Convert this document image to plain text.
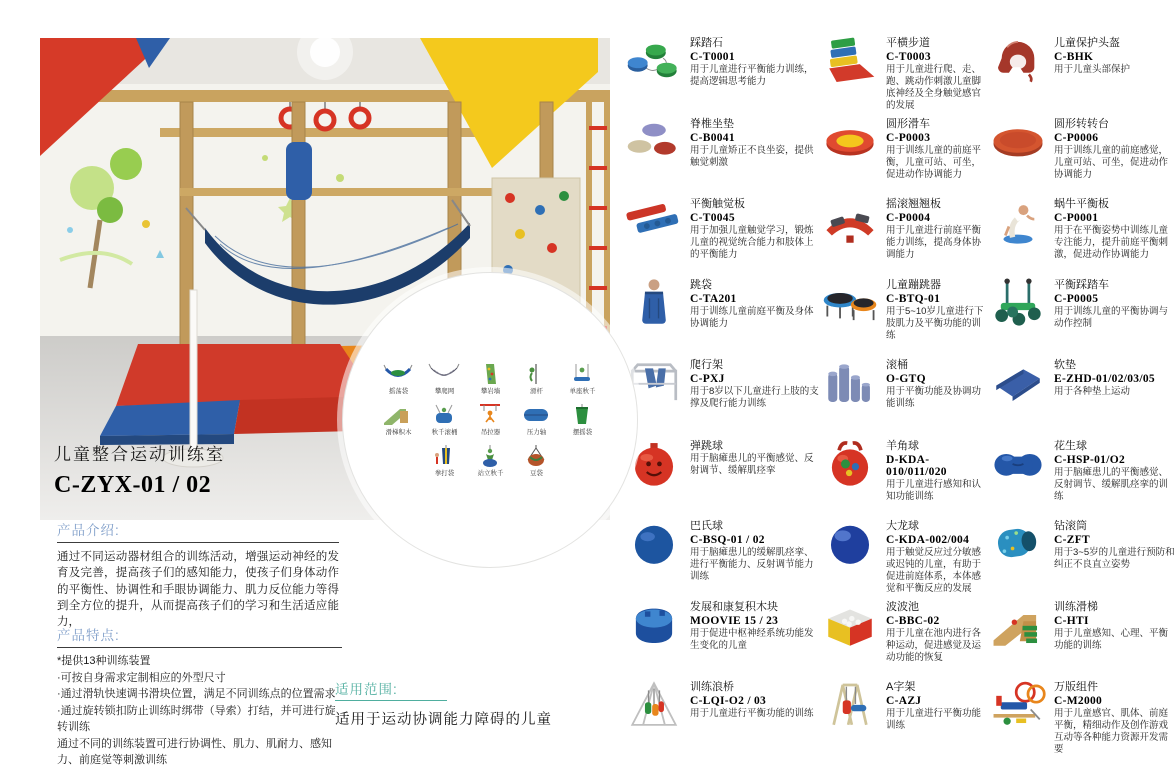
摇荡袋	攀爬网	攀岩墙	滑杆	单座秋千
滑梯积木	秋千滚桶	吊拉器	压力轴	摆摇袋
拳打袋	站立秋千	豆袋
儿童整合运动训练室
C-ZYX-01 / 02
产品介绍:

通过不同运动器材组合的训练活动，增强运动神经的发育及完善，提高孩子们的感知能力，使孩子们身体动作的平衡性、协调性和手眼协调能力、肌力反位能力等得到全方位的提升，从而提高孩子们的学习和生活适应能力，

产品特点:
*提供13种训练装置
·可按自身需求定制相应的外型尺寸
·通过滑轨快速调书滑块位置，满足不同训练点的位置需求
·通过旋转锁扣防止训练时绑带（导索）打结，并可进行旋转训练
通过不同的训练装置可进行协调性、肌力、肌耐力、感知力、前庭觉等刺激训练
适用范围:
适用于运动协调能力障碍的儿童
踩踏石
C-T0001
用于儿童进行平衡能力训练，提高逻辑思考能力
平横步道
C-T0003
用于儿童进行爬、走、跑、跳动作刺激儿童脚底神经及全身触觉感官的发展
儿童保护头盔
C-BHK
用于儿童头部保护
脊椎坐垫
C-B0041
用于儿童矫正不良坐姿，提供触觉刺激
圆形滑车
C-P0003
用于训练儿童的前庭平衡，儿童可站、可坐，促进动作协调能力
圆形转转台
C-P0006
用于训练儿童的前庭感觉，儿童可站、可坐，促进动作协调能力
平衡触觉板
C-T0045
用于加强儿童触觉学习，锻炼儿童的视觉统合能力和肢体上的平衡能力
摇滚翘翘板
C-P0004
用于儿童进行前庭平衡能力训练，提高身体协调能力
蜗牛平衡板
C-P0001
用于在平衡姿势中训练儿童专注能力，提升前庭平衡刺激，促进动作协调能力
跳袋
C-TA201
用于训练儿童前庭平衡及身体协调能力
儿童蹦跳器
C-BTQ-01
用于5~10岁儿童进行下肢肌力及平衡功能的训练
平衡踩踏车
C-P0005
用于训练儿童的平衡协调与动作控制
爬行架
C-PXJ
用于8岁以下儿童进行上肢的支撑及爬行能力训练
滚桶
O-GTQ
用于平衡功能及协调功能训练
软垫
E-ZHD-01/02/03/05
用于各种垫上运动
弹跳球
用于脑瘫患儿的平衡感觉、反射调节、缓解肌痉挛
羊角球
D-KDA-010/011/020
用于儿童进行感知和认知功能训练
花生球
C-HSP-01/O2
用于脑瘫患儿的平衡感觉、反射调节、缓解肌痉挛的训练
巴氏球
C-BSQ-01 / 02
用于脑瘫患儿的缓解肌痉挛、进行平衡能力、反射调节能力训练
大龙球
C-KDA-002/004
用于触觉反应过分敏感或迟钝的儿童，有助于促进前庭体系，本体感觉和平衡反应的发展
钻滚筒
C-ZFT
用于3~5岁的儿童进行预防和纠正不良直立姿势
发展和康复积木块
MOOVIE 15 / 23
用于促进中枢神经系统功能发生变化的儿童
波波池
C-BBC-02
用于儿童在池内进行各种运动，促进感觉及运动功能的恢复
训练滑梯
C-HTI
用于儿童感知、心理、平衡功能的训练
训练浪桥
C-LQI-O2 / 03
用于儿童进行平衡功能的训练
A字架
C-AZJ
用于儿童进行平衡功能训练
万版组件
C-M2000
用于儿童感官、肌体、前庭平衡，精细动作及创作游戏互动等各种能力资源开发需要
